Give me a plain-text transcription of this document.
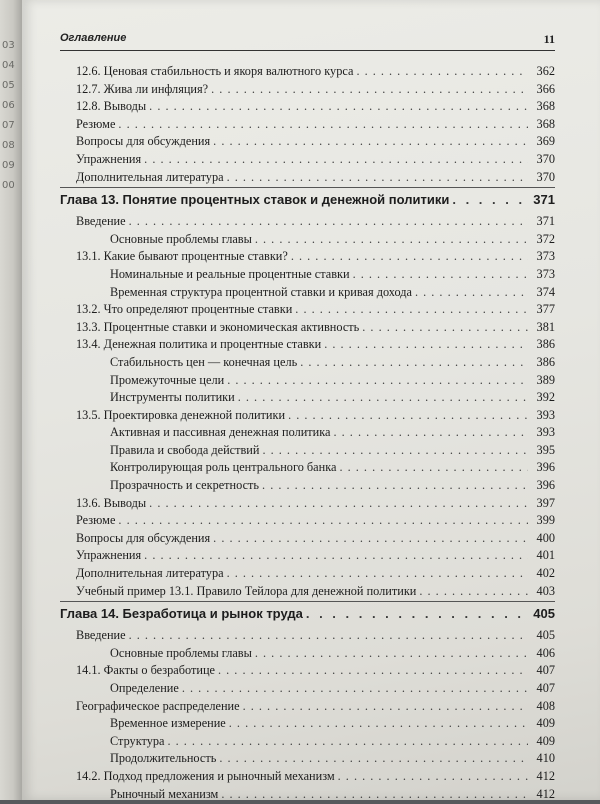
03
04
05
06
07
08
09
00
Оглавление	11
12.6. Ценовая стабильность и якоря валютного курса . . .	362
12.7. Жива ли инфляция? . . .	366
12.8. Выводы . . .	368
Резюме . . .	368
Вопросы для обсуждения . . .	369
Упражнения . . .	370
Дополнительная литература . . .	370
Глава 13. Понятие процентных ставок и денежной политики . . .	371
Введение . . .	371
Основные проблемы главы . . .	372
13.1. Какие бывают процентные ставки? . . .	373
Номинальные и реальные процентные ставки . . .	373
Временная структура процентной ставки и кривая дохода . . .	374
13.2. Что определяют процентные ставки . . .	377
13.3. Процентные ставки и экономическая активность . . .	381
13.4. Денежная политика и процентные ставки . . .	386
Стабильность цен — конечная цель . . .	386
Промежуточные цели . . .	389
Инструменты политики . . .	392
13.5. Проектировка денежной политики . . .	393
Активная и пассивная денежная политика . . .	393
Правила и свобода действий . . .	395
Контролирующая роль центрального банка . . .	396
Прозрачность и секретность . . .	396
13.6. Выводы . . .	397
Резюме . . .	399
Вопросы для обсуждения . . .	400
Упражнения . . .	401
Дополнительная литература . . .	402
Учебный пример 13.1. Правило Тейлора для денежной политики . . .	403
Глава 14. Безработица и рынок труда . . .	405
Введение . . .	405
Основные проблемы главы . . .	406
14.1. Факты о безработице . . .	407
Определение . . .	407
Географическое распределение . . .	408
Временное измерение . . .	409
Структура . . .	409
Продолжительность . . .	410
14.2. Подход предложения и рыночный механизм . . .	412
Рыночный механизм . . .	412
